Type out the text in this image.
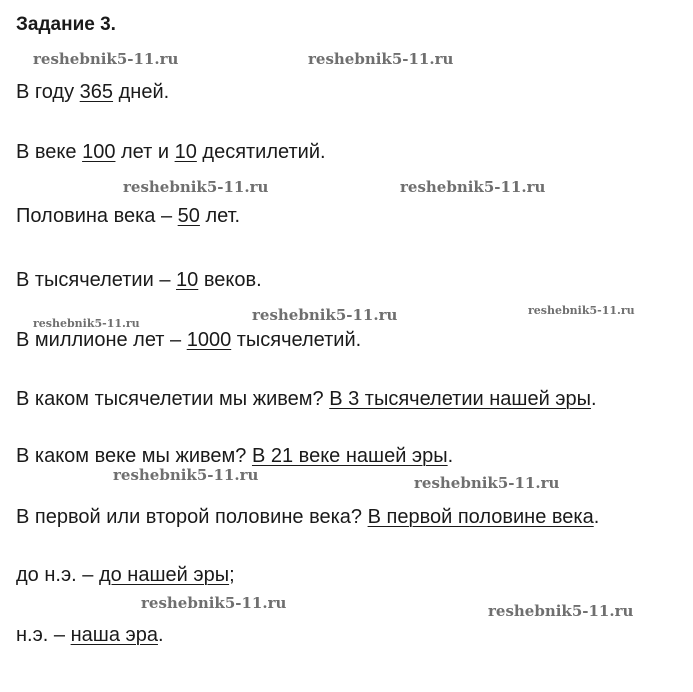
Задание 3.
В году 365 дней.
В веке 100 лет и 10 десятилетий.
Половина века – 50 лет.
В тысячелетии – 10 веков.
В миллионе лет – 1000 тысячелетий.
В каком тысячелетии мы живем? В 3 тысячелетии нашей эры.
В каком веке мы живем? В 21 веке нашей эры.
В первой или второй половине века? В первой половине века.
до н.э. – до нашей эры;
н.э. – наша эра.
reshebnik5-11.ru	reshebnik5-11.ru
reshebnik5-11.ru	reshebnik5-11.ru
reshebnik5-11.ru
reshebnik5-11.ru
reshebnik5-11.ru
reshebnik5-11.ru	reshebnik5-11.ru
reshebnik5-11.ru	reshebnik5-11.ru
